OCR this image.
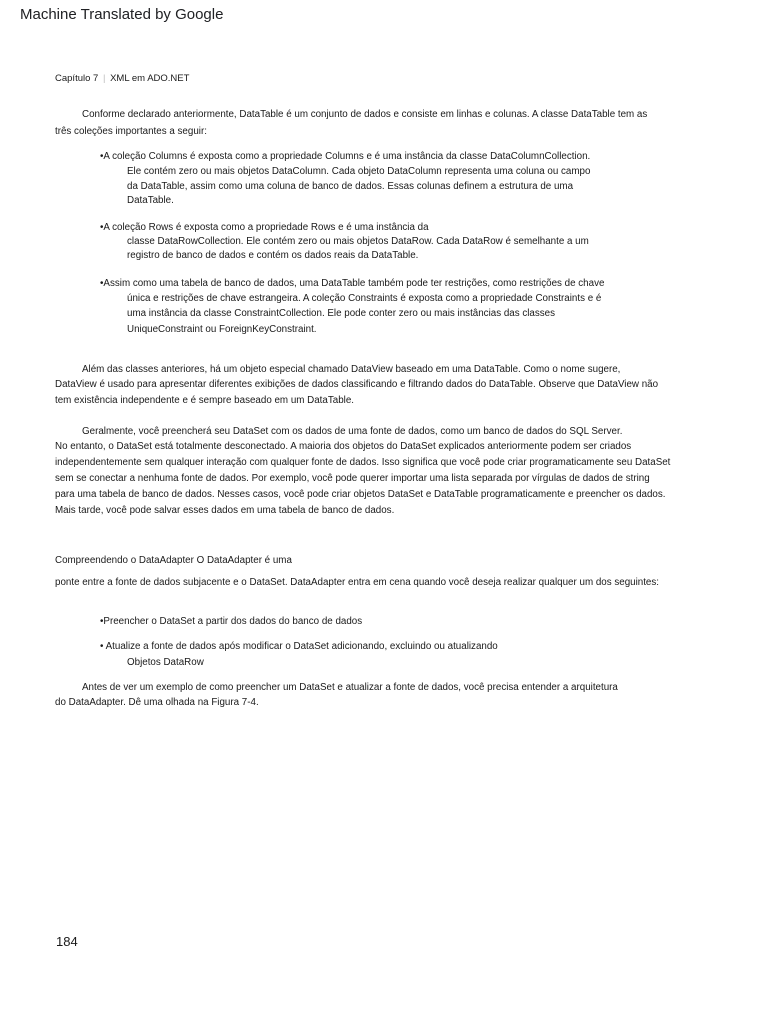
Machine Translated by Google
Capítulo 7 | XML em ADO.NET
Conforme declarado anteriormente, DataTable é um conjunto de dados e consiste em linhas e colunas. A classe DataTable tem as
três coleções importantes a seguir:
•A coleção Columns é exposta como a propriedade Columns e é uma instância da classe DataColumnCollection.
Ele contém zero ou mais objetos DataColumn. Cada objeto DataColumn representa uma coluna ou campo
da DataTable, assim como uma coluna de banco de dados. Essas colunas definem a estrutura de uma
DataTable.
•A coleção Rows é exposta como a propriedade Rows e é uma instância da
classe DataRowCollection. Ele contém zero ou mais objetos DataRow. Cada DataRow é semelhante a um
registro de banco de dados e contém os dados reais da DataTable.
•Assim como uma tabela de banco de dados, uma DataTable também pode ter restrições, como restrições de chave
única e restrições de chave estrangeira. A coleção Constraints é exposta como a propriedade Constraints e é
uma instância da classe ConstraintCollection. Ele pode conter zero ou mais instâncias das classes
UniqueConstraint ou ForeignKeyConstraint.
Além das classes anteriores, há um objeto especial chamado DataView baseado em uma DataTable. Como o nome sugere,
DataView é usado para apresentar diferentes exibições de dados classificando e filtrando dados do DataTable. Observe que DataView não
tem existência independente e é sempre baseado em um DataTable.
Geralmente, você preencherá seu DataSet com os dados de uma fonte de dados, como um banco de dados do SQL Server.
No entanto, o DataSet está totalmente desconectado. A maioria dos objetos do DataSet explicados anteriormente podem ser criados
independentemente sem qualquer interação com qualquer fonte de dados. Isso significa que você pode criar programaticamente seu DataSet
sem se conectar a nenhuma fonte de dados. Por exemplo, você pode querer importar uma lista separada por vírgulas de dados de string
para uma tabela de banco de dados. Nesses casos, você pode criar objetos DataSet e DataTable programaticamente e preencher os dados.
Mais tarde, você pode salvar esses dados em uma tabela de banco de dados.
Compreendendo o DataAdapter O DataAdapter é uma
ponte entre a fonte de dados subjacente e o DataSet. DataAdapter entra em cena quando você deseja realizar qualquer um dos seguintes:
•Preencher o DataSet a partir dos dados do banco de dados
• Atualize a fonte de dados após modificar o DataSet adicionando, excluindo ou atualizando
Objetos DataRow
Antes de ver um exemplo de como preencher um DataSet e atualizar a fonte de dados, você precisa entender a arquitetura
do DataAdapter. Dê uma olhada na Figura 7-4.
184
